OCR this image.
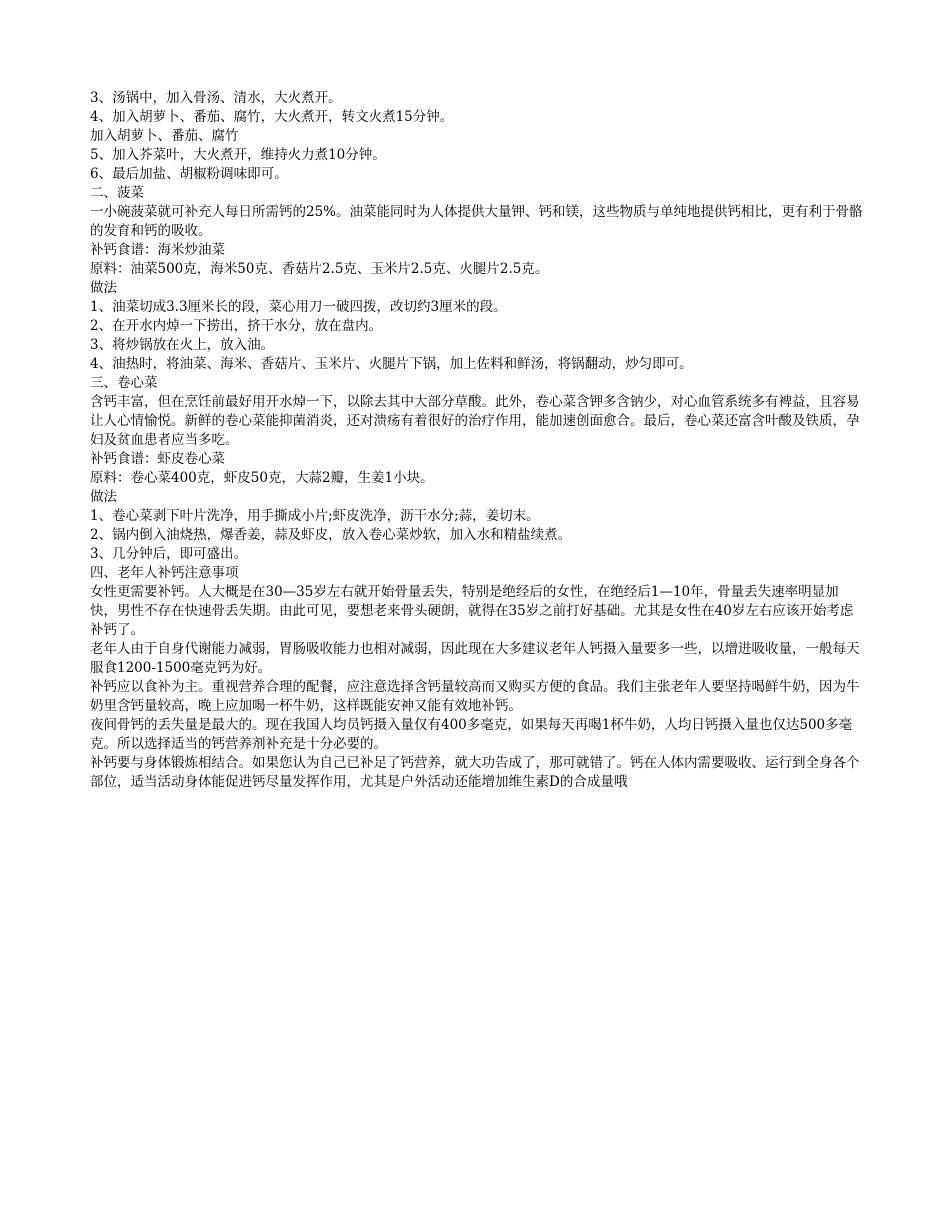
3、汤锅中，加入骨汤、清水，大火煮开。

4、加入胡萝卜、番茄、腐竹，大火煮开，转文火煮15分钟。

加入胡萝卜、番茄、腐竹

5、加入芥菜叶，大火煮开，维持火力煮10分钟。

6、最后加盐、胡椒粉调味即可。

二、菠菜

一小碗菠菜就可补充人每日所需钙的25%。油菜能同时为人体提供大量钾、钙和镁，这些物质与单纯地提供钙相比，更有利于骨骼的发育和钙的吸收。

补钙食谱：海米炒油菜

原料：油菜500克，海米50克、香菇片2.5克、玉米片2.5克、火腿片2.5克。

做法

1、油菜切成3.3厘米长的段，菜心用刀一破四拨，改切约3厘米的段。

2、在开水内焯一下捞出，挤干水分，放在盘内。

3、将炒锅放在火上，放入油。

4、油热时，将油菜、海米、香菇片、玉米片、火腿片下锅，加上佐料和鲜汤，将锅翻动，炒匀即可。

三、卷心菜

含钙丰富，但在烹饪前最好用开水焯一下，以除去其中大部分草酸。此外，卷心菜含钾多含钠少，对心血管系统多有裨益，且容易让人心情愉悦。新鲜的卷心菜能抑菌消炎，还对溃疡有着很好的治疗作用，能加速创面愈合。最后，卷心菜还富含叶酸及铁质，孕妇及贫血患者应当多吃。

补钙食谱：虾皮卷心菜

原料：卷心菜400克，虾皮50克，大蒜2瓣，生姜1小块。

做法

1、卷心菜剥下叶片洗净，用手撕成小片;虾皮洗净，沥干水分;蒜，姜切末。

2、锅内倒入油烧热，爆香姜，蒜及虾皮，放入卷心菜炒软，加入水和精盐续煮。

3、几分钟后，即可盛出。

四、老年人补钙注意事项

女性更需要补钙。人大概是在30—35岁左右就开始骨量丢失，特别是绝经后的女性，在绝经后1—10年，骨量丢失速率明显加快，男性不存在快速骨丢失期。由此可见，要想老来骨头硬朗，就得在35岁之前打好基础。尤其是女性在40岁左右应该开始考虑补钙了。

老年人由于自身代谢能力减弱，胃肠吸收能力也相对减弱，因此现在大多建议老年人钙摄入量要多一些，以增进吸收量，一般每天服食1200-1500毫克钙为好。

补钙应以食补为主。重视营养合理的配餐，应注意选择含钙量较高而又购买方便的食品。我们主张老年人要坚持喝鲜牛奶，因为牛奶里含钙量较高，晚上应加喝一杯牛奶，这样既能安神又能有效地补钙。

夜间骨钙的丢失量是最大的。现在我国人均员钙摄入量仅有400多毫克，如果每天再喝1杯牛奶，人均日钙摄入量也仅达500多毫克。所以选择适当的钙营养剂补充是十分必要的。

补钙要与身体锻炼相结合。如果您认为自己已补足了钙营养，就大功告成了，那可就错了。钙在人体内需要吸收、运行到全身各个部位，适当活动身体能促进钙尽量发挥作用，尤其是户外活动还能增加维生素D的合成量哦
